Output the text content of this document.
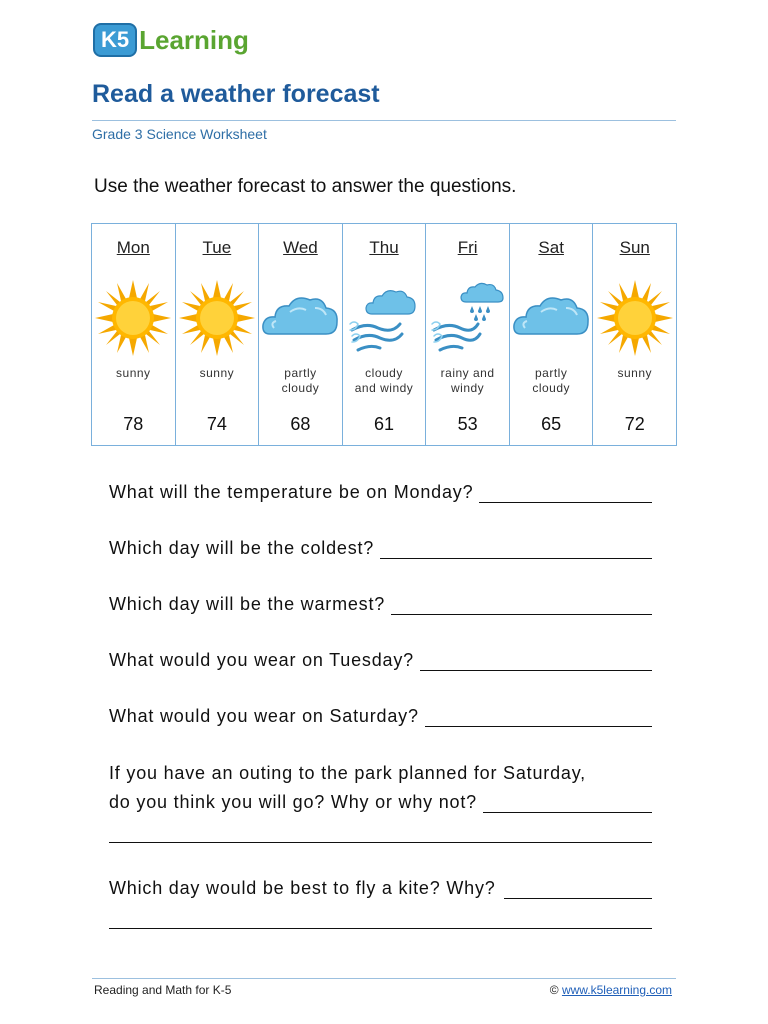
K5 Learning
Read a weather forecast
Grade 3 Science Worksheet
Use the weather forecast to answer the questions.
Mon
sunny
78
Tue
sunny
74
Wed
partly
cloudy
68
Thu
cloudy
and windy
61
Fri
rainy and
windy
53
Sat
partly
cloudy
65
Sun
sunny
72
What will the temperature be on Monday?
Which day will be the coldest?
Which day will be the warmest?
What would you wear on Tuesday?
What would you wear on Saturday?
If you have an outing to the park planned for Saturday,
do you think you will go? Why or why not?
Which day would be best to fly a kite? Why?
Reading and Math for K-5	© www.k5learning.com
